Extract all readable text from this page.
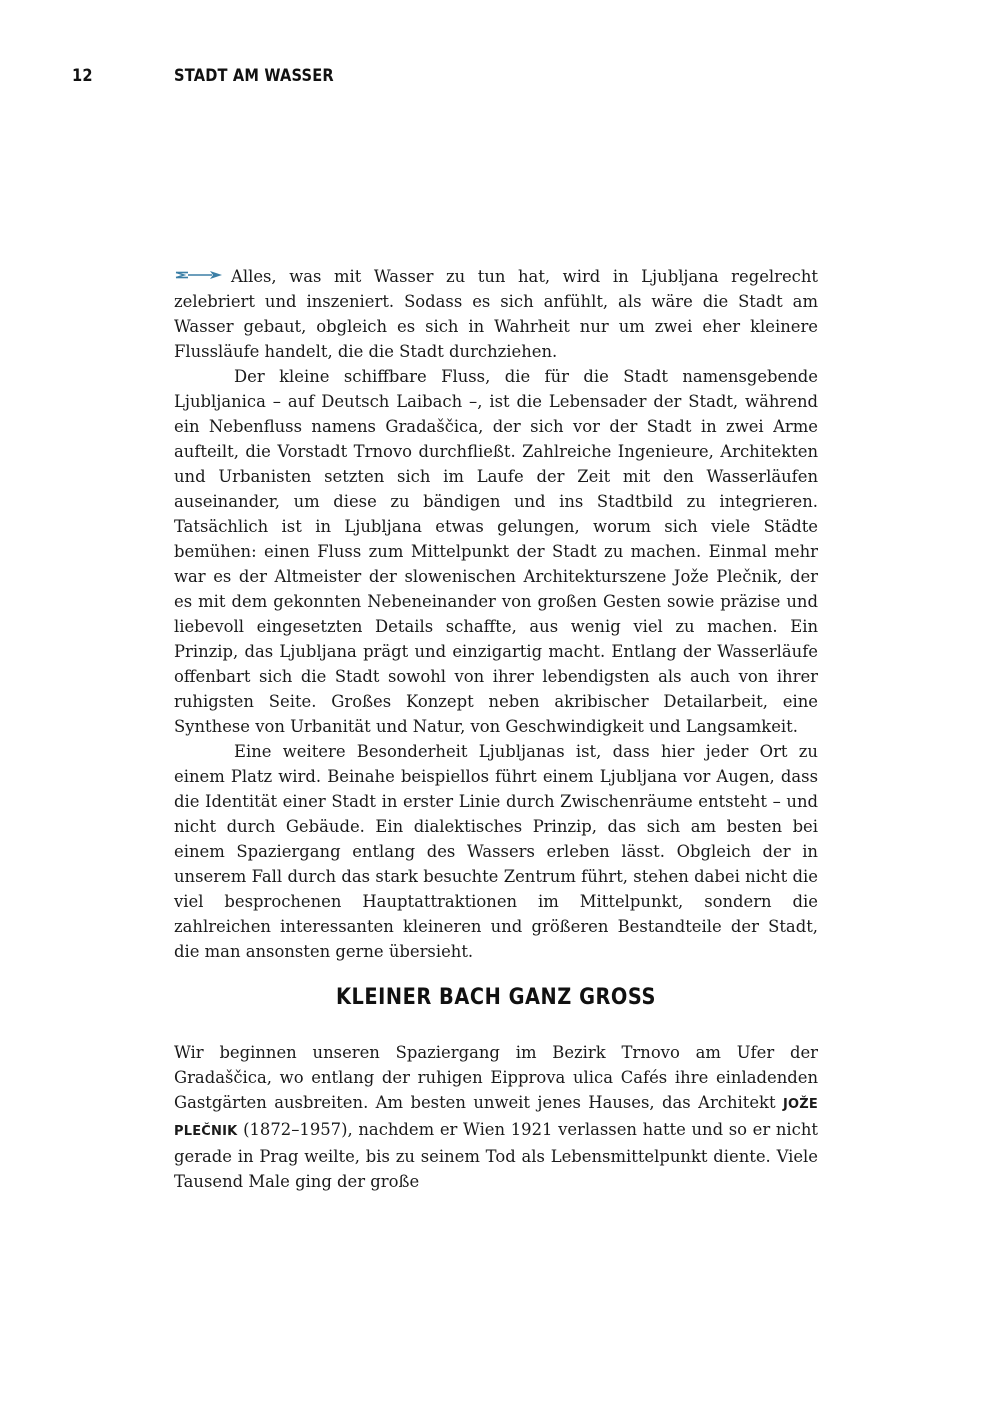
12	STADT AM WASSER

Alles, was mit Wasser zu tun hat, wird in Ljubljana regelrecht zelebriert und inszeniert. Sodass es sich anfühlt, als wäre die Stadt am Wasser gebaut, obgleich es sich in Wahrheit nur um zwei eher kleinere Flussläufe handelt, die die Stadt durchziehen.

Der kleine schiffbare Fluss, die für die Stadt namensgebende Ljubljanica – auf Deutsch Laibach –, ist die Lebensader der Stadt, während ein Nebenfluss namens Gradaščica, der sich vor der Stadt in zwei Arme aufteilt, die Vorstadt Trnovo durchfließt. Zahlreiche Ingenieure, Architekten und Urbanisten setzten sich im Laufe der Zeit mit den Wasserläufen auseinander, um diese zu bändigen und ins Stadtbild zu integrieren. Tatsächlich ist in Ljubljana etwas gelungen, worum sich viele Städte bemühen: einen Fluss zum Mittelpunkt der Stadt zu machen. Einmal mehr war es der Altmeister der slowenischen Architekturszene Jože Plečnik, der es mit dem gekonnten Nebeneinander von großen Gesten sowie präzise und liebevoll eingesetzten Details schaffte, aus wenig viel zu machen. Ein Prinzip, das Ljubljana prägt und einzigartig macht. Entlang der Wasserläufe offenbart sich die Stadt sowohl von ihrer lebendigsten als auch von ihrer ruhigsten Seite. Großes Konzept neben akribischer Detailarbeit, eine Synthese von Urbanität und Natur, von Geschwindigkeit und Langsamkeit.

Eine weitere Besonderheit Ljubljanas ist, dass hier jeder Ort zu einem Platz wird. Beinahe beispiellos führt einem Ljubljana vor Augen, dass die Identität einer Stadt in erster Linie durch Zwischenräume entsteht – und nicht durch Gebäude. Ein dialektisches Prinzip, das sich am besten bei einem Spaziergang entlang des Wassers erleben lässt. Obgleich der in unserem Fall durch das stark besuchte Zentrum führt, stehen dabei nicht die viel besprochenen Hauptattraktionen im Mittelpunkt, sondern die zahlreichen interessanten kleineren und größeren Bestandteile der Stadt, die man ansonsten gerne übersieht.

KLEINER BACH GANZ GROSS

Wir beginnen unseren Spaziergang im Bezirk Trnovo am Ufer der Gradaščica, wo entlang der ruhigen Eipprova ulica Cafés ihre einladenden Gastgärten ausbreiten. Am besten unweit jenes Hauses, das Architekt JOŽE PLEČNIK (1872–1957), nachdem er Wien 1921 verlassen hatte und so er nicht gerade in Prag weilte, bis zu seinem Tod als Lebensmittelpunkt diente. Viele Tausend Male ging der große
